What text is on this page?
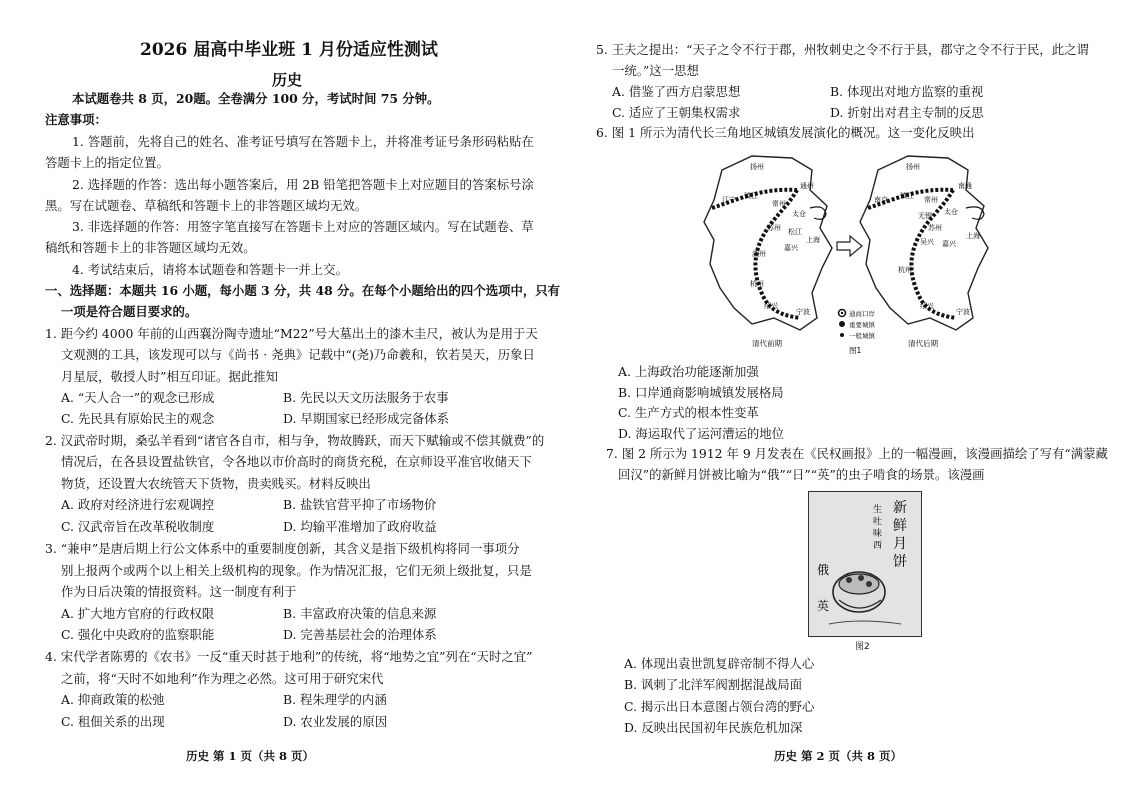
2026 届高中毕业班 1 月份适应性测试
历史
本试题卷共 8 页，20题。全卷满分 100 分，考试时间 75 分钟。
注意事项：
1. 答题前，先将自己的姓名、准考证号填写在答题卡上，并将准考证号条形码粘贴在
答题卡上的指定位置。
2. 选择题的作答：选出每小题答案后，用 2B 铅笔把答题卡上对应题目的答案标号涂
黑。写在试题卷、草稿纸和答题卡上的非答题区域均无效。
3. 非选择题的作答：用签字笔直接写在答题卡上对应的答题区域内。写在试题卷、草
稿纸和答题卡上的非答题区域均无效。
4. 考试结束后，请将本试题卷和答题卡一并上交。
一、选择题：本题共 16 小题，每小题 3 分，共 48 分。在每个小题给出的四个选项中，只有
一项是符合题目要求的。
1. 距今约 4000 年前的山西襄汾陶寺遗址“M22”号大墓出土的漆木圭尺，被认为是用于天
文观测的工具，该发现可以与《尚书 · 尧典》记载中“(尧)乃命羲和，钦若昊天，历象日
月星辰，敬授人时”相互印证。据此推知
A. “天人合一”的观念已形成	B. 先民以天文历法服务于农事
C. 先民具有原始民主的观念	D. 早期国家已经形成完备体系
2. 汉武帝时期，桑弘羊看到“诸官各自市，相与争，物故腾跃，而天下赋输或不偿其僦费”的
情况后，在各县设置盐铁官，令各地以市价高时的商货充税，在京师设平准官收储天下
物货，还设置大农统管天下货物，贵卖贱买。材料反映出
A. 政府对经济进行宏观调控	B. 盐铁官营平抑了市场物价
C. 汉武帝旨在改革税收制度	D. 均输平准增加了政府收益
3. “兼申”是唐后期上行公文体系中的重要制度创新，其含义是指下级机构将同一事项分
别上报两个或两个以上相关上级机构的现象。作为情况汇报，它们无须上级批复，只是
作为日后决策的情报资料。这一制度有利于
A. 扩大地方官府的行政权限	B. 丰富政府决策的信息来源
C. 强化中央政府的监察职能	D. 完善基层社会的治理体系
4. 宋代学者陈旉的《农书》一反“重天时甚于地利”的传统，将“地势之宜”列在“天时之宜”
之前，将“天时不如地利”作为理之必然。这可用于研究宋代
A. 抑商政策的松弛	B. 程朱理学的内涵
C. 租佃关系的出现	D. 农业发展的原因
历史 第 1 页（共 8 页）
5. 王夫之提出：“天子之令不行于郡，州牧刺史之令不行于县，郡守之令不行于民，此之谓
一统。”这一思想
A. 借鉴了西方启蒙思想	B. 体现出对地方监察的重视
C. 适应了王朝集权需求	D. 折射出对君主专制的反思
6. 图 1 所示为清代长三角地区城镇发展演化的概况。这一变化反映出
扬州
江宁 镇江
常州
通州
太仓
苏州 松江
上海
嘉兴
湖州
杭州
绍兴
宁波
扬州
南京 镇江 常州
南通
无锡 太仓
苏州
吴兴 嘉兴
上海
杭州
绍兴
宁波
通商口岸
重要城镇
一般城镇
清代前期	清代后期
图1
A. 上海政治功能逐渐加强
B. 口岸通商影响城镇发展格局
C. 生产方式的根本性变革
D. 海运取代了运河漕运的地位
7. 图 2 所示为 1912 年 9 月发表在《民权画报》上的一幅漫画，该漫画描绘了写有“满蒙藏
回汉”的新鲜月饼被比喻为“俄”“日”“英”的虫子啃食的场景。该漫画
新
鲜
月
饼
生
吐
味
西
俄
英
图2
A. 体现出袁世凯复辟帝制不得人心
B. 讽刺了北洋军阀割据混战局面
C. 揭示出日本意图占领台湾的野心
D. 反映出民国初年民族危机加深
历史 第 2 页（共 8 页）
